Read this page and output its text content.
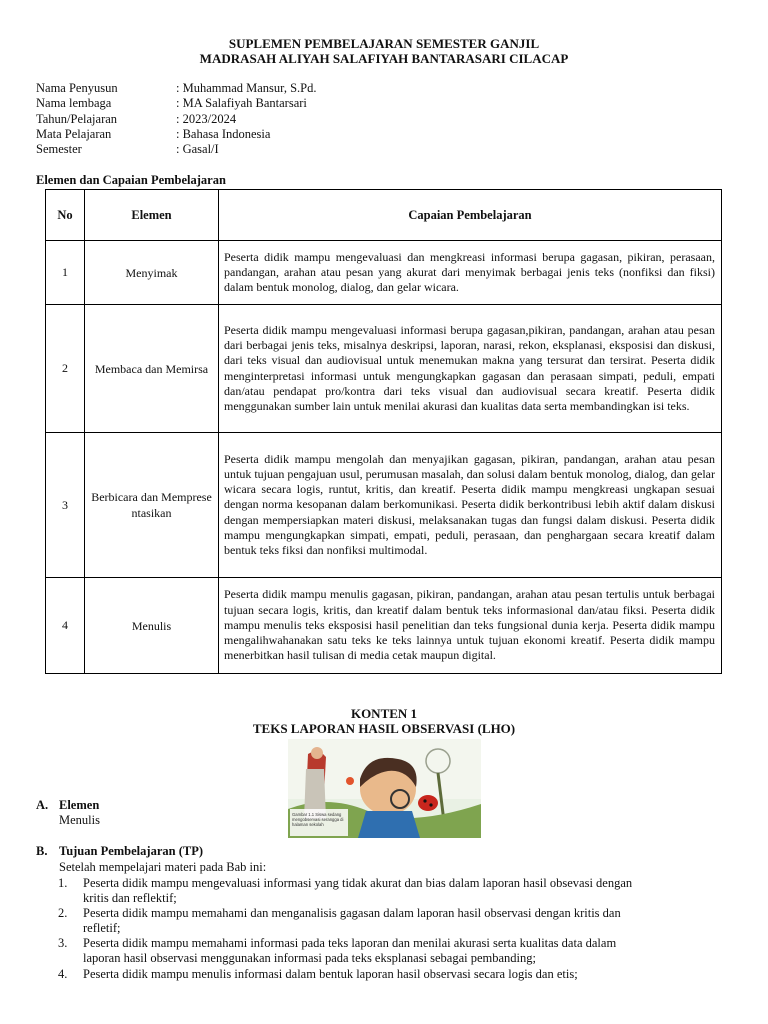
SUPLEMEN PEMBELAJARAN SEMESTER GANJIL
MADRASAH ALIYAH SALAFIYAH BANTARASARI CILACAP
Nama Penyusun	: Muhammad Mansur, S.Pd.
Nama lembaga	: MA Salafiyah Bantarsari
Tahun/Pelajaran	: 2023/2024
Mata Pelajaran	: Bahasa Indonesia
Semester	: Gasal/I
Elemen dan Capaian Pembelajaran
No	Elemen	Capaian Pembelajaran
1	Menyimak	Peserta didik mampu mengevaluasi dan mengkreasi informasi berupa gagasan, pikiran, perasaan, pandangan, arahan atau pesan yang akurat dari menyimak berbagai jenis teks (nonfiksi dan fiksi) dalam bentuk monolog, dialog, dan gelar wicara.
2	Membaca dan Memirsa	Peserta didik mampu mengevaluasi informasi berupa gagasan,pikiran, pandangan, arahan atau pesan dari berbagai jenis teks, misalnya deskripsi, laporan, narasi, rekon, eksplanasi, eksposisi dan diskusi, dari teks visual dan audiovisual untuk menemukan makna yang tersurat dan tersirat. Peserta didik menginterpretasi informasi untuk mengungkapkan gagasan dan perasaan simpati, peduli, empati dan/atau pendapat pro/kontra dari teks visual dan audiovisual secara kreatif. Peserta didik menggunakan sumber lain untuk menilai akurasi dan kualitas data serta membandingkan isi teks.
3	Berbicara dan Mempresentasikan	Peserta didik mampu mengolah dan menyajikan gagasan, pikiran, pandangan, arahan atau pesan untuk tujuan pengajuan usul, perumusan masalah, dan solusi dalam bentuk monolog, dialog, dan gelar wicara secara logis, runtut, kritis, dan kreatif. Peserta didik mampu mengkreasi ungkapan sesuai dengan norma kesopanan dalam berkomunikasi. Peserta didik berkontribusi lebih aktif dalam diskusi dengan mempersiapkan materi diskusi, melaksanakan tugas dan fungsi dalam diskusi. Peserta didik mampu mengungkapkan simpati, empati, peduli, perasaan, dan penghargaan secara kreatif dalam bentuk teks fiksi dan nonfiksi multimodal.
4	Menulis	Peserta didik mampu menulis gagasan, pikiran, pandangan, arahan atau pesan tertulis untuk berbagai tujuan secara logis, kritis, dan kreatif dalam bentuk teks informasional dan/atau fiksi. Peserta didik mampu menulis teks eksposisi hasil penelitian dan teks fungsional dunia kerja. Peserta didik mampu mengalihwahanakan satu teks ke teks lainnya untuk tujuan ekonomi kreatif. Peserta didik mampu menerbitkan hasil tulisan di media cetak maupun digital.
KONTEN 1
TEKS LAPORAN HASIL OBSERVASI (LHO)
Gambar 1.1 Siswa sedang mengobservasi serangga di halaman sekolah
A. Elemen
Menulis
B. Tujuan Pembelajaran (TP)
Setelah mempelajari materi pada Bab ini:
1. Peserta didik mampu mengevaluasi informasi yang tidak akurat dan bias dalam laporan hasil obsevasi dengan
kritis dan reflektif;
2. Peserta didik mampu memahami dan menganalisis gagasan dalam laporan hasil observasi dengan kritis dan
refletif;
3. Peserta didik mampu memahami informasi pada teks laporan dan menilai akurasi serta kualitas data dalam
laporan hasil observasi menggunakan informasi pada teks eksplanasi sebagai pembanding;
4. Peserta didik mampu menulis informasi dalam bentuk laporan hasil observasi secara logis dan etis;
